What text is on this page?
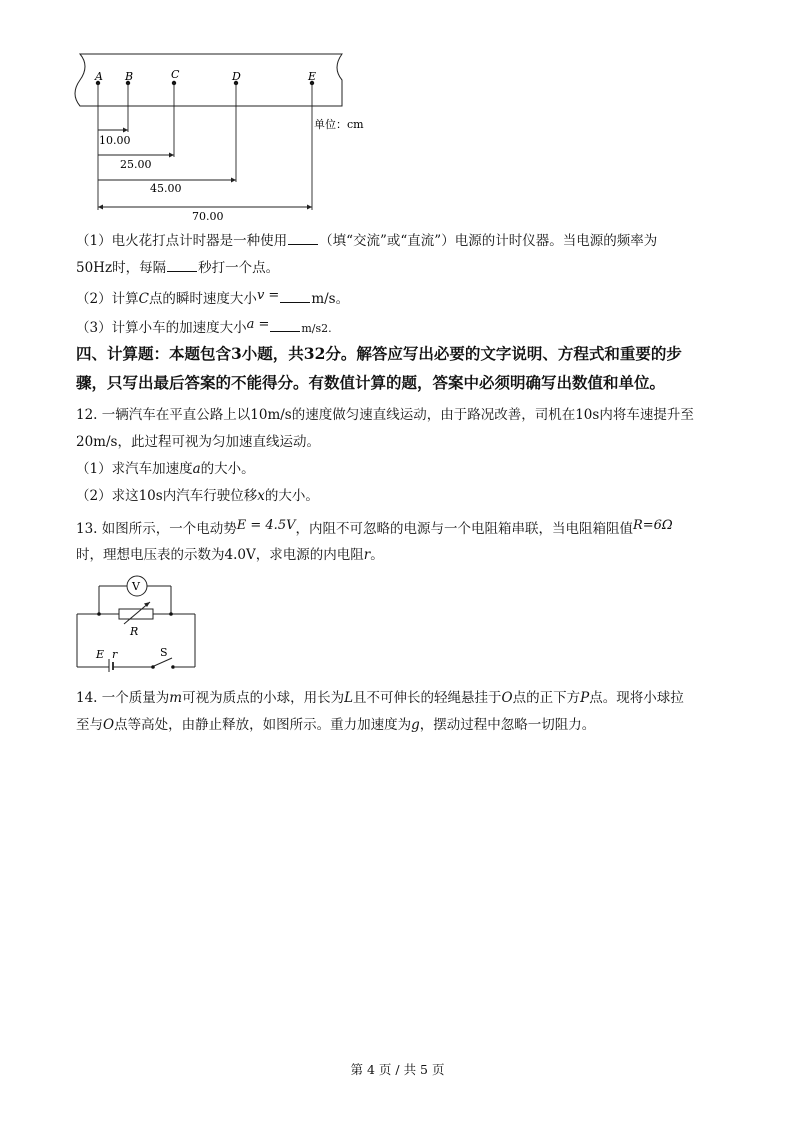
A B	C	D	E
10.00
25.00
45.00
70.00
单位：cm
（1）电火花打点计时器是一种使用 （填“交流”或“直流”）电源的计时仪器。当电源的频率为
50Hz时，每隔 秒打一个点。
（2）计算C点的瞬时速度大小v = m/s。
（3）计算小车的加速度大小a =	m/s2.
四、计算题：本题包含3小题，共32分。解答应写出必要的文字说明、方程式和重要的步
骤，只写出最后答案的不能得分。有数值计算的题，答案中必须明确写出数值和单位。
12. 一辆汽车在平直公路上以10m/s的速度做匀速直线运动，由于路况改善，司机在10s内将车速提升至
20m/s，此过程可视为匀加速直线运动。
（1）求汽车加速度a的大小。
（2）求这10s内汽车行驶位移x的大小。
13. 如图所示，一个电动势E = 4.5V，内阻不可忽略的电源与一个电阻箱串联，当电阻箱阻值R=6Ω
时，理想电压表的示数为4.0V，求电源的内电阻r。
V
R
E r	S
14. 一个质量为m可视为质点的小球，用长为L且不可伸长的轻绳悬挂于O点的正下方P点。现将小球拉
至与O点等高处，由静止释放，如图所示。重力加速度为g，摆动过程中忽略一切阻力。
第 4 页 / 共 5 页
